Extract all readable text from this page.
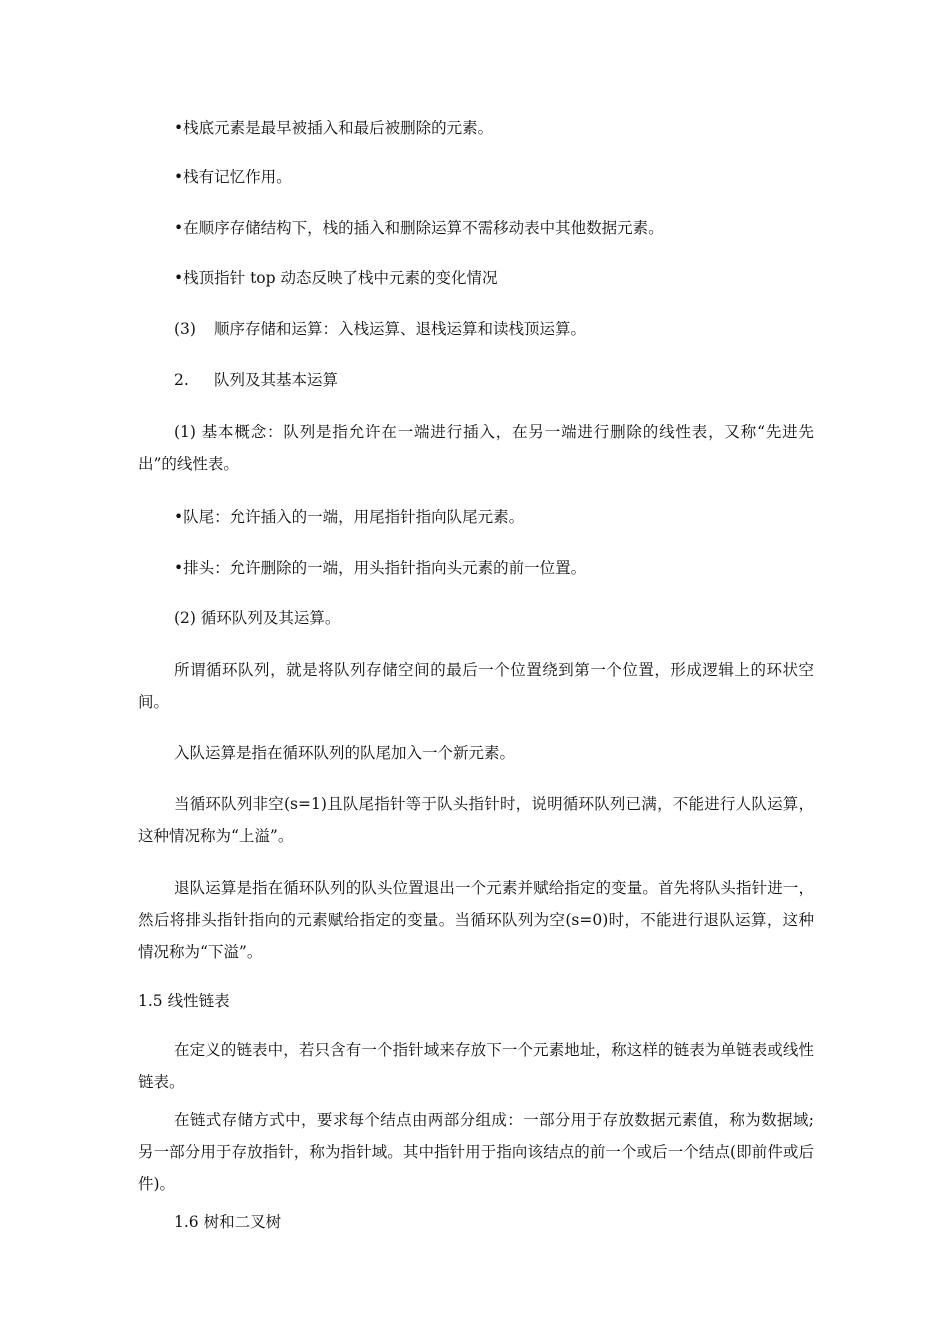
•栈底元素是最早被插入和最后被删除的元素。

•栈有记忆作用。

•在顺序存储结构下，栈的插入和删除运算不需移动表中其他数据元素。

•栈顶指针 top 动态反映了栈中元素的变化情况

(3) 顺序存储和运算：入栈运算、退栈运算和读栈顶运算。

2. 队列及其基本运算

(1) 基本概念：队列是指允许在一端进行插入，在另一端进行删除的线性表，又称“先进先出”的线性表。

•队尾：允许插入的一端，用尾指针指向队尾元素。

•排头：允许删除的一端，用头指针指向头元素的前一位置。

(2) 循环队列及其运算。

所谓循环队列，就是将队列存储空间的最后一个位置绕到第一个位置，形成逻辑上的环状空间。

入队运算是指在循环队列的队尾加入一个新元素。

当循环队列非空(s=1)且队尾指针等于队头指针时，说明循环队列已满，不能进行人队运算，这种情况称为“上溢”。

退队运算是指在循环队列的队头位置退出一个元素并赋给指定的变量。首先将队头指针进一，然后将排头指针指向的元素赋给指定的变量。当循环队列为空(s=0)时，不能进行退队运算，这种情况称为“下溢”。

1.5 线性链表

在定义的链表中，若只含有一个指针域来存放下一个元素地址，称这样的链表为单链表或线性链表。

在链式存储方式中，要求每个结点由两部分组成：一部分用于存放数据元素值，称为数据域;另一部分用于存放指针，称为指针域。其中指针用于指向该结点的前一个或后一个结点(即前件或后件)。

1.6 树和二叉树
